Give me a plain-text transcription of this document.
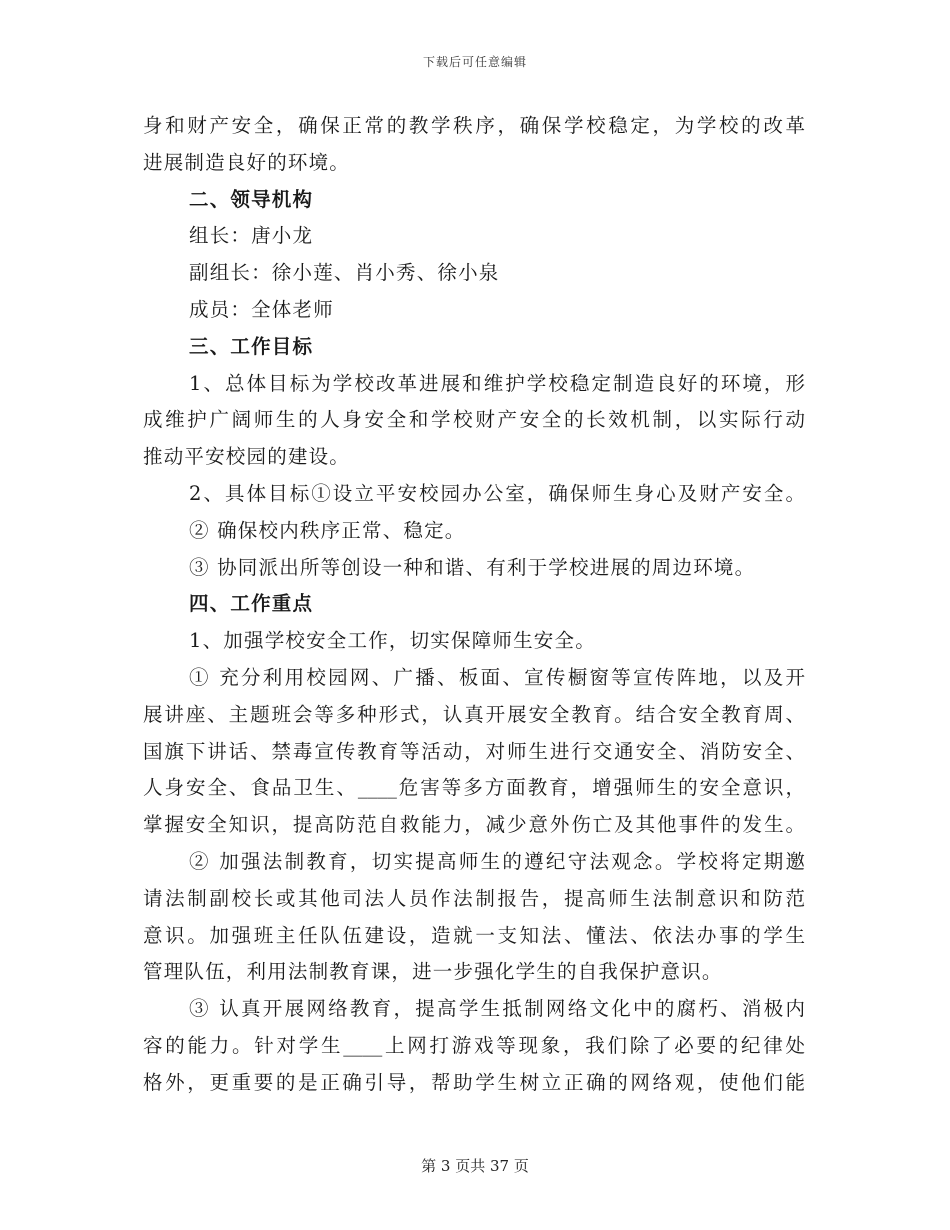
下载后可任意编辑
身和财产安全，确保正常的教学秩序，确保学校稳定，为学校的改革
进展制造良好的环境。
二、领导机构
组长：唐小龙
副组长：徐小莲、肖小秀、徐小泉
成员：全体老师
三、工作目标
1、总体目标为学校改革进展和维护学校稳定制造良好的环境，形
成维护广阔师生的人身安全和学校财产安全的长效机制，以实际行动
推动平安校园的建设。
2、具体目标①设立平安校园办公室，确保师生身心及财产安全。
② 确保校内秩序正常、稳定。
③ 协同派出所等创设一种和谐、有利于学校进展的周边环境。
四、工作重点
1、加强学校安全工作，切实保障师生安全。
① 充分利用校园网、广播、板面、宣传橱窗等宣传阵地，以及开
展讲座、主题班会等多种形式，认真开展安全教育。结合安全教育周、
国旗下讲话、禁毒宣传教育等活动，对师生进行交通安全、消防安全、
人身安全、食品卫生、____危害等多方面教育，增强师生的安全意识，
掌握安全知识，提高防范自救能力，减少意外伤亡及其他事件的发生。
② 加强法制教育，切实提高师生的遵纪守法观念。学校将定期邀
请法制副校长或其他司法人员作法制报告，提高师生法制意识和防范
意识。加强班主任队伍建设，造就一支知法、懂法、依法办事的学生
管理队伍，利用法制教育课，进一步强化学生的自我保护意识。
③ 认真开展网络教育，提高学生抵制网络文化中的腐朽、消极内
容的能力。针对学生____上网打游戏等现象，我们除了必要的纪律处
格外，更重要的是正确引导，帮助学生树立正确的网络观，使他们能
第 3 页共 37 页
